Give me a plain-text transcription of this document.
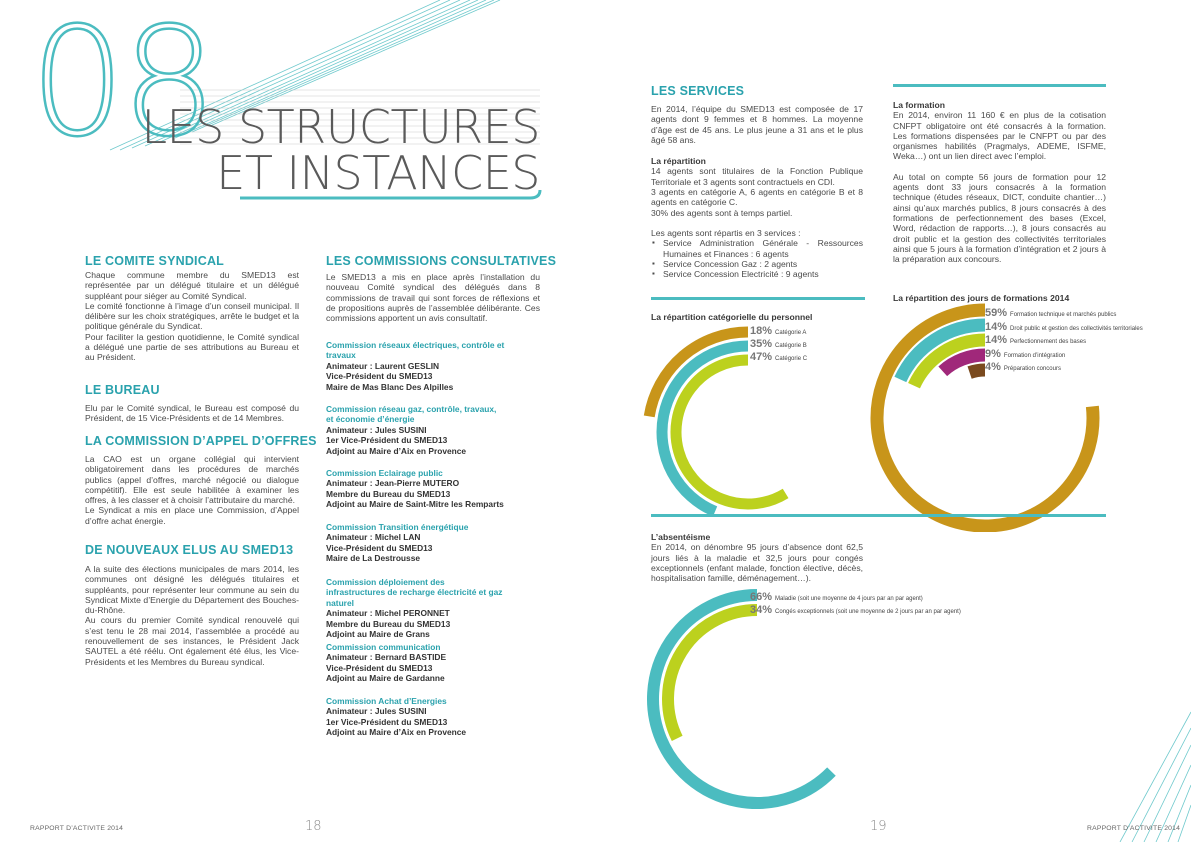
08
LES STRUCTURES
ET INSTANCES
LE COMITE SYNDICAL

Chaque commune membre du SMED13 est représentée par un délégué titulaire et un délégué suppléant pour siéger au Comité Syndical.

Le comité fonctionne à l’image d’un conseil municipal. Il délibère sur les choix stratégiques, arrête le budget et la politique générale du Syndicat.

Pour faciliter la gestion quotidienne, le Comité syndical a délégué une partie de ses attributions au Bureau et au Président.

LE BUREAU

Elu par le Comité syndical, le Bureau est composé du Président, de 15 Vice-Présidents et de 14 Membres.

LA COMMISSION D’APPEL D’OFFRES

La CAO est un organe collégial qui intervient obligatoirement dans les procédures de marchés publics (appel d’offres, marché négocié ou dialogue compétitif). Elle est seule habilitée à examiner les offres, à les classer et à choisir l’attributaire du marché.

Le Syndicat a mis en place une Commission, d’Appel d’offre achat énergie.

DE NOUVEAUX ELUS AU SMED13

A la suite des élections municipales de mars 2014, les communes ont désigné les délégués titulaires et suppléants, pour représenter leur commune au sein du Syndicat Mixte d’Energie du Département des Bouches-du-Rhône.

Au cours du premier Comité syndical renouvelé qui s’est tenu le 28 mai 2014, l’assemblée a procédé au renouvellement de ses instances, le Président Jack SAUTEL a été réélu. Ont également été élus, les Vice-Présidents et les Membres du Bureau syndical.

LES COMMISSIONS CONSULTATIVES
Le SMED13 a mis en place après l’installation du nouveau Comité syndical des délégués dans 8 commissions de travail qui sont forces de réflexions et de propositions auprès de l’assemblée délibérante. Ces commissions apportent un avis consultatif.
Commission réseaux électriques, contrôle et travaux
Animateur : Laurent GESLIN
Vice-Président du SMED13
Maire de Mas Blanc Des Alpilles
Commission réseau gaz, contrôle, travaux, et économie d’énergie
Animateur : Jules SUSINI
1er Vice-Président du SMED13
Adjoint au Maire d’Aix en Provence
Commission Eclairage public
Animateur : Jean-Pierre MUTERO
Membre du Bureau du SMED13
Adjoint au Maire de Saint-Mitre les Remparts
Commission Transition énergétique
Animateur : Michel LAN
Vice-Président du SMED13
Maire de La Destrousse
Commission déploiement des infrastructures de recharge électricité et gaz naturel
Animateur : Michel PERONNET
Membre du Bureau du SMED13
Adjoint au Maire de Grans
Commission communication
Animateur : Bernard BASTIDE
Vice-Président du SMED13
Adjoint au Maire de Gardanne
Commission Achat d’Energies
Animateur : Jules SUSINI
1er Vice-Président du SMED13
Adjoint au Maire d’Aix en Provence
LES SERVICES

En 2014, l’équipe du SMED13 est composée de 17 agents dont 9 femmes et 8 hommes. La moyenne d’âge est de 45 ans. Le plus jeune a 31 ans et le plus âgé 58 ans.

La répartition

14 agents sont titulaires de la Fonction Publique Territoriale et 3 agents sont contractuels en CDI.

3 agents en catégorie A, 6 agents en catégorie B et 8 agents en catégorie C.

30% des agents sont à temps partiel.

Les agents sont répartis en 3 services :

▪ Service Administration Générale - Ressources Humaines et Finances : 6 agents
▪ Service Concession Gaz : 2 agents
▪ Service Concession Electricité : 9 agents
La répartition catégorielle du personnel
18% Catégorie A
35% Catégorie B
47% Catégorie C

La formation

En 2014, environ 11 160 € en plus de la cotisation CNFPT obligatoire ont été consacrés à la formation. Les formations dispensées par le CNFPT ou par des organismes habilités (Pragmalys, ADEME, ISFME, Weka…) ont un lien direct avec l’emploi.

Au total on compte 56 jours de formation pour 12 agents dont 33 jours consacrés à la formation technique (études réseaux, DICT, conduite chantier…) ainsi qu’aux marchés publics, 8 jours consacrés à des formations de perfectionnement des bases (Excel, Word, rédaction de rapports…), 8 jours consacrés au droit public et la gestion des collectivités territoriales ainsi que 5 jours à la formation d’intégration et 2 jours à la préparation aux concours.

La répartition des jours de formations 2014
59% Formation technique et marchés publics
14% Droit public et gestion des collectivités territoriales
14% Perfectionnement des bases
9% Formation d’intégration
4% Préparation concours

L’absentéisme

En 2014, on dénombre 95 jours d’absence dont 62,5 jours liés à la maladie et 32,5 jours pour congés exceptionnels (enfant malade, fonction élective, décès, hospitalisation famille, déménagement…).

66% Maladie (soit une moyenne de 4 jours par an par agent)
34% Congés exceptionnels (soit une moyenne de 2 jours par an par agent)
RAPPORT D’ACTIVITE 2014	18	19	RAPPORT D’ACTIVITE 2014
